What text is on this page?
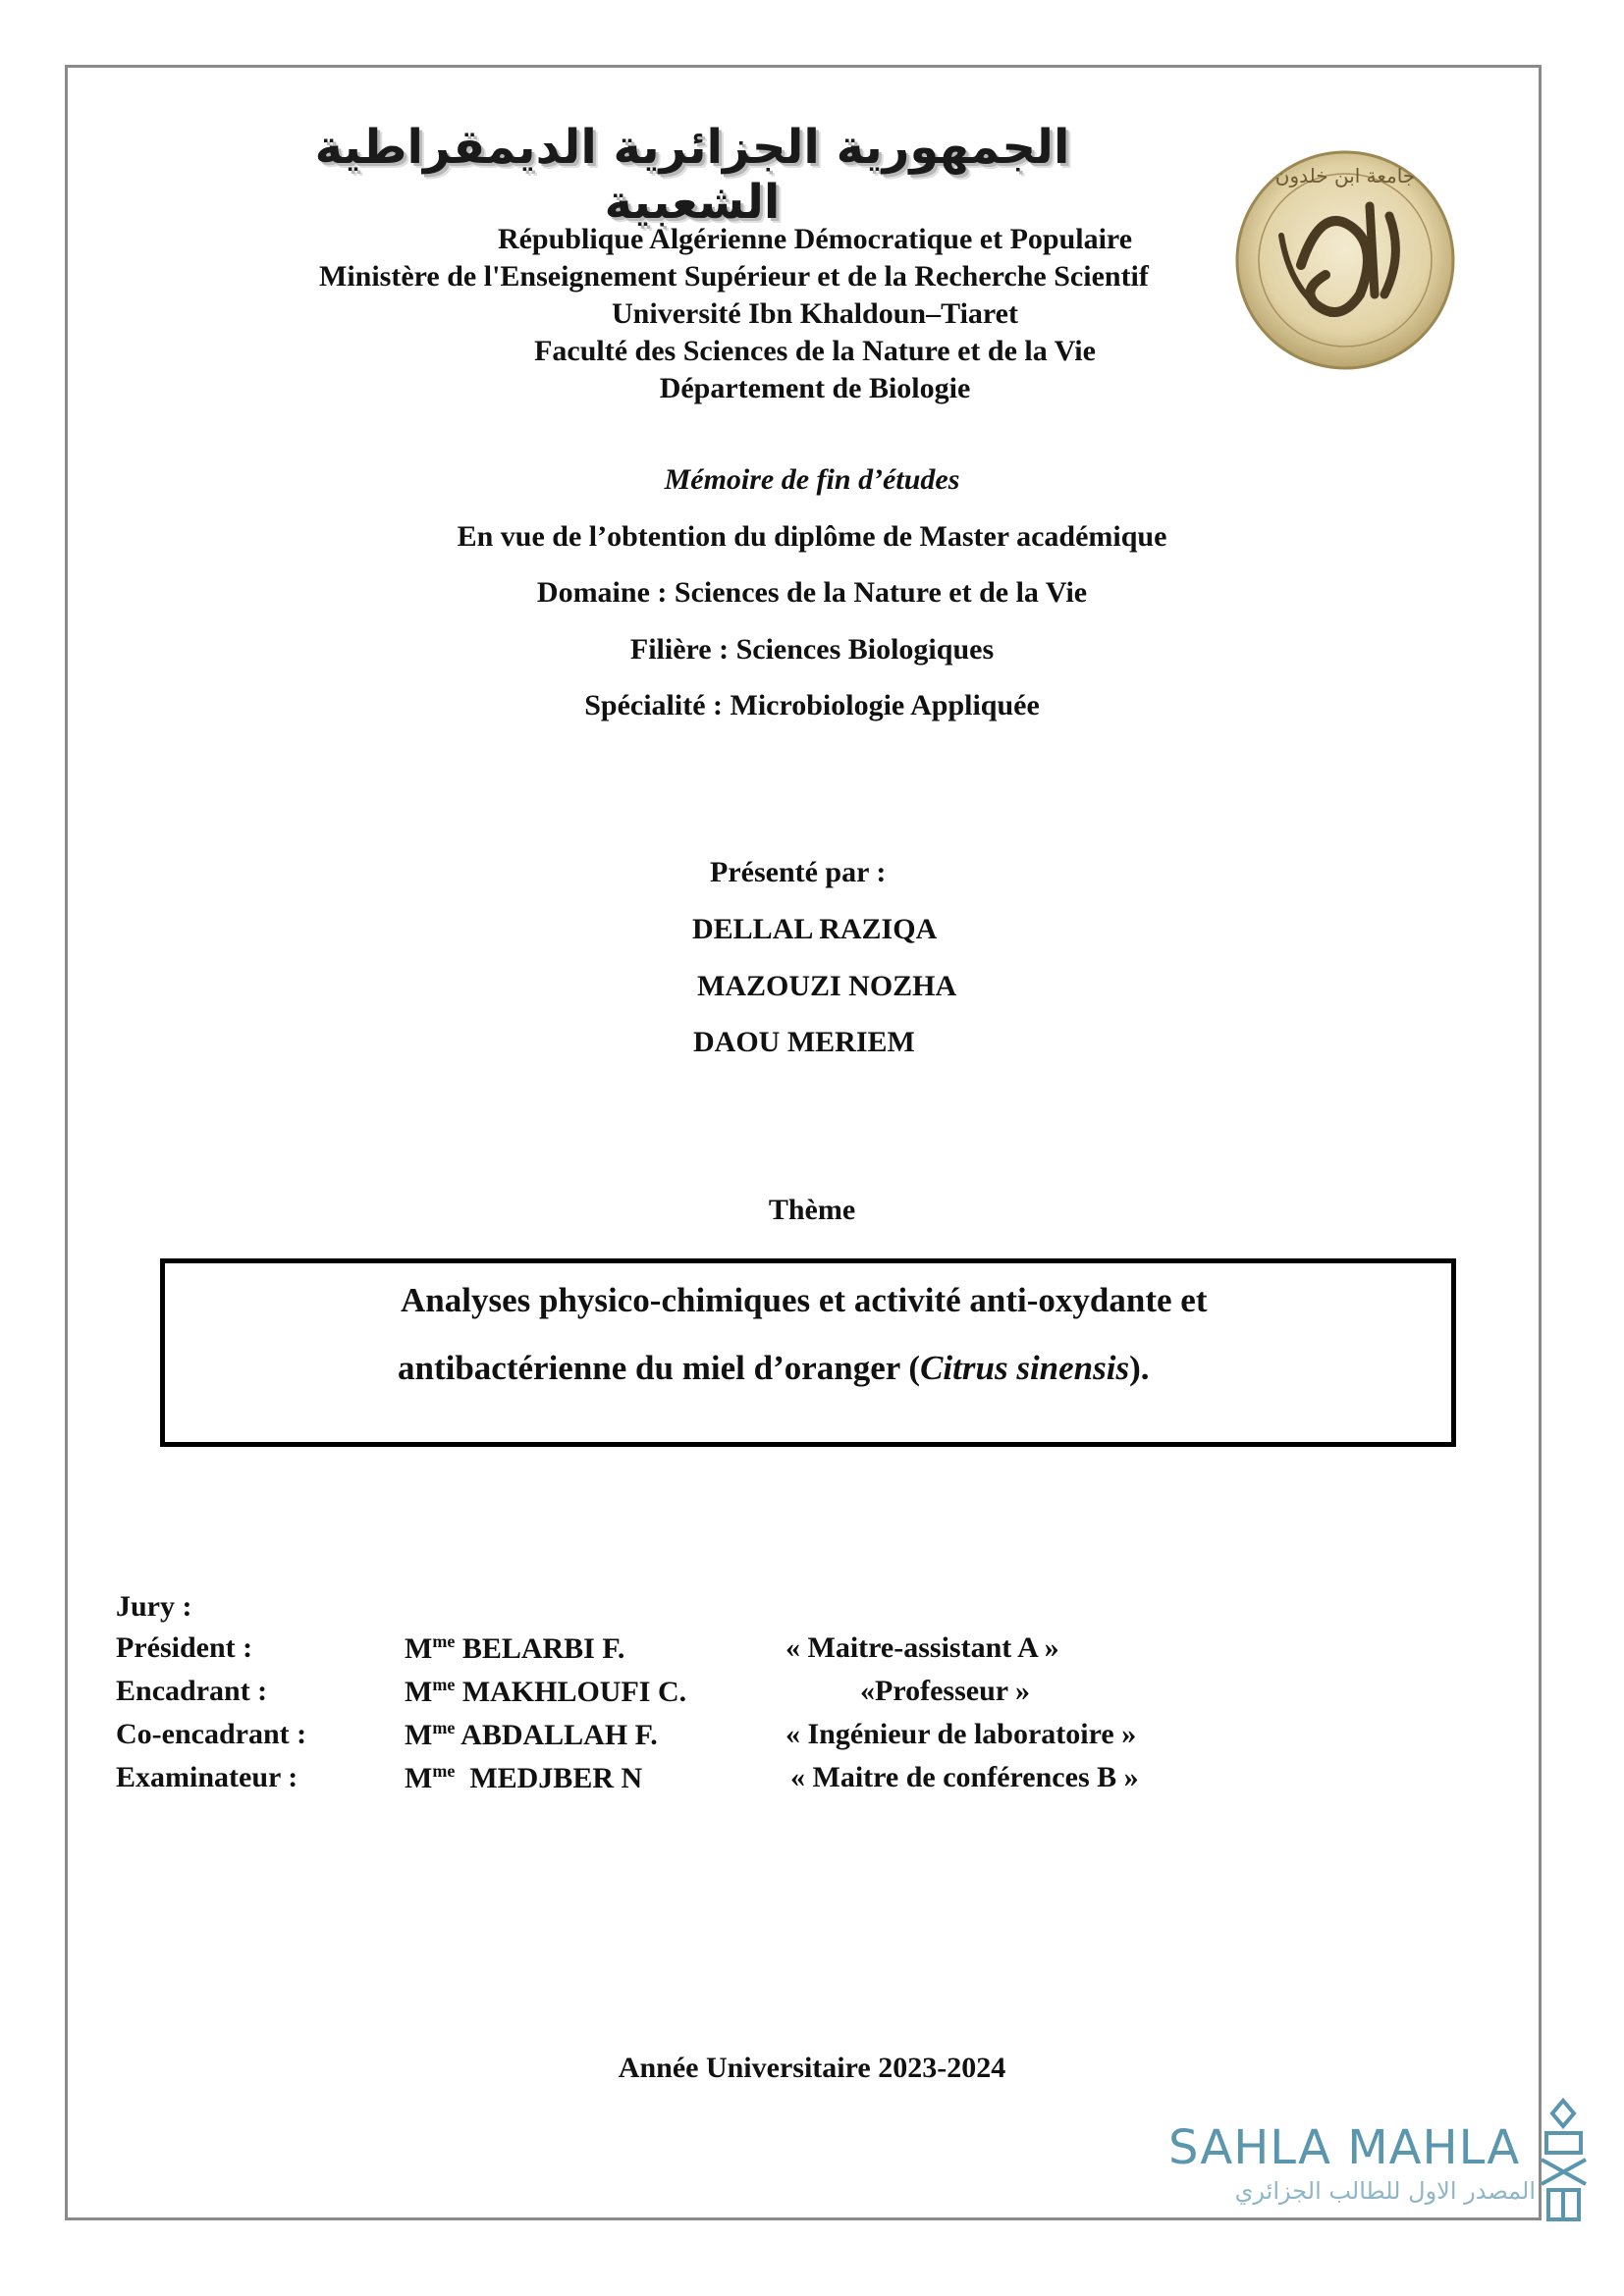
الجمهورية الجزائرية الديمقراطية الشعبية	جامعة ابن خلدون
République Algérienne Démocratique et Populaire
Ministère de l'Enseignement Supérieur et de la Recherche Scientif
Université Ibn Khaldoun–Tiaret
Faculté des Sciences de la Nature et de la Vie
Département de Biologie
Mémoire de fin d’études
En vue de l’obtention du diplôme de Master académique
Domaine : Sciences de la Nature et de la Vie
Filière : Sciences Biologiques
Spécialité : Microbiologie Appliquée
Présenté par :
DELLAL RAZIQA
MAZOUZI NOZHA
DAOU MERIEM
Thème
Analyses physico-chimiques et activité anti-oxydante et
antibactérienne du miel d’oranger (Citrus sinensis).
Jury :
Président :	$M^{me}$ BELARBI F.	« Maitre-assistant A »
Encadrant :	$M^{me}$ MAKHLOUFI C.	«Professeur »
Co-encadrant :	$M^{me}$ ABDALLAH F.	« Ingénieur de laboratoire »
Examinateur :	$M^{me}$  MEDJBER N	« Maitre de conférences B »
Année Universitaire 2023-2024
SAHLA MAHLA
المصدر الاول للطالب الجزائري
